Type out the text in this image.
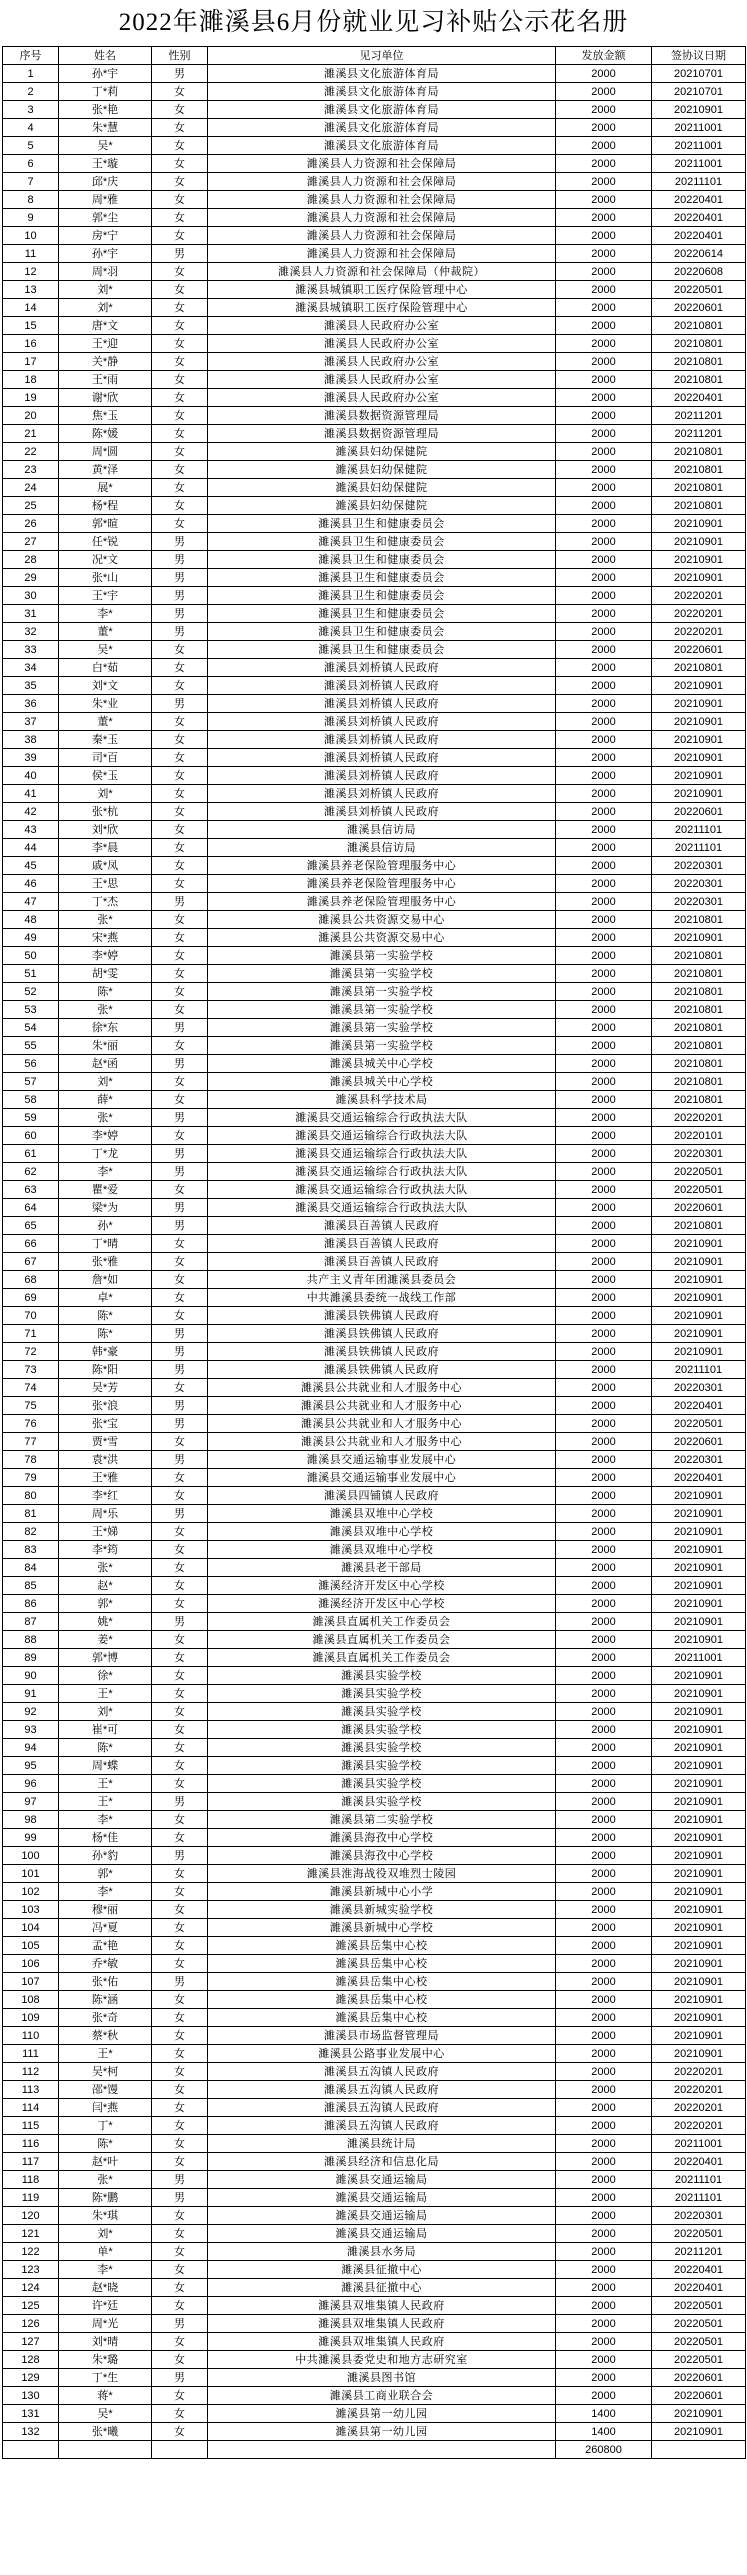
2022年濉溪县6月份就业见习补贴公示花名册
序号	姓名	性别	见习单位	发放金额	签协议日期
1	孙*宇	男	濉溪县文化旅游体育局	2000	20210701
2	丁*莉	女	濉溪县文化旅游体育局	2000	20210701
3	张*艳	女	濉溪县文化旅游体育局	2000	20210901
4	朱*慧	女	濉溪县文化旅游体育局	2000	20211001
5	吴*	女	濉溪县文化旅游体育局	2000	20211001
6	王*璇	女	濉溪县人力资源和社会保障局	2000	20211001
7	邱*庆	女	濉溪县人力资源和社会保障局	2000	20211101
8	周*雅	女	濉溪县人力资源和社会保障局	2000	20220401
9	郭*尘	女	濉溪县人力资源和社会保障局	2000	20220401
10	房*宁	女	濉溪县人力资源和社会保障局	2000	20220401
11	孙*宇	男	濉溪县人力资源和社会保障局	2000	20220614
12	周*羽	女	濉溪县人力资源和社会保障局（仲裁院）	2000	20220608
13	刘*	女	濉溪县城镇职工医疗保险管理中心	2000	20220501
14	刘*	女	濉溪县城镇职工医疗保险管理中心	2000	20220601
15	唐*文	女	濉溪县人民政府办公室	2000	20210801
16	王*迎	女	濉溪县人民政府办公室	2000	20210801
17	关*静	女	濉溪县人民政府办公室	2000	20210801
18	王*雨	女	濉溪县人民政府办公室	2000	20210801
19	谢*欣	女	濉溪县人民政府办公室	2000	20220401
20	焦*玉	女	濉溪县数据资源管理局	2000	20211201
21	陈*媛	女	濉溪县数据资源管理局	2000	20211201
22	周*圆	女	濉溪县妇幼保健院	2000	20210801
23	黄*泽	女	濉溪县妇幼保健院	2000	20210801
24	展*	女	濉溪县妇幼保健院	2000	20210801
25	杨*程	女	濉溪县妇幼保健院	2000	20210801
26	郭*暄	女	濉溪县卫生和健康委员会	2000	20210901
27	任*锐	男	濉溪县卫生和健康委员会	2000	20210901
28	况*文	男	濉溪县卫生和健康委员会	2000	20210901
29	张*山	男	濉溪县卫生和健康委员会	2000	20210901
30	王*宇	男	濉溪县卫生和健康委员会	2000	20220201
31	李*	男	濉溪县卫生和健康委员会	2000	20220201
32	董*	男	濉溪县卫生和健康委员会	2000	20220201
33	吴*	女	濉溪县卫生和健康委员会	2000	20220601
34	白*茹	女	濉溪县刘桥镇人民政府	2000	20210801
35	刘*文	女	濉溪县刘桥镇人民政府	2000	20210901
36	朱*业	男	濉溪县刘桥镇人民政府	2000	20210901
37	董*	女	濉溪县刘桥镇人民政府	2000	20210901
38	秦*玉	女	濉溪县刘桥镇人民政府	2000	20210901
39	司*百	女	濉溪县刘桥镇人民政府	2000	20210901
40	侯*玉	女	濉溪县刘桥镇人民政府	2000	20210901
41	刘*	女	濉溪县刘桥镇人民政府	2000	20210901
42	张*杭	女	濉溪县刘桥镇人民政府	2000	20220601
43	刘*欣	女	濉溪县信访局	2000	20211101
44	李*晨	女	濉溪县信访局	2000	20211101
45	戚*凤	女	濉溪县养老保险管理服务中心	2000	20220301
46	王*思	女	濉溪县养老保险管理服务中心	2000	20220301
47	丁*杰	男	濉溪县养老保险管理服务中心	2000	20220301
48	张*	女	濉溪县公共资源交易中心	2000	20210801
49	宋*燕	女	濉溪县公共资源交易中心	2000	20210901
50	李*婷	女	濉溪县第一实验学校	2000	20210801
51	胡*雯	女	濉溪县第一实验学校	2000	20210801
52	陈*	女	濉溪县第一实验学校	2000	20210801
53	张*	女	濉溪县第一实验学校	2000	20210801
54	徐*东	男	濉溪县第一实验学校	2000	20210801
55	朱*丽	女	濉溪县第一实验学校	2000	20210801
56	赵*函	男	濉溪县城关中心学校	2000	20210801
57	刘*	女	濉溪县城关中心学校	2000	20210801
58	薛*	女	濉溪县科学技术局	2000	20210801
59	张*	男	濉溪县交通运输综合行政执法大队	2000	20220201
60	李*婷	女	濉溪县交通运输综合行政执法大队	2000	20220101
61	丁*龙	男	濉溪县交通运输综合行政执法大队	2000	20220301
62	李*	男	濉溪县交通运输综合行政执法大队	2000	20220501
63	瞿*爱	女	濉溪县交通运输综合行政执法大队	2000	20220501
64	梁*为	男	濉溪县交通运输综合行政执法大队	2000	20220601
65	孙*	男	濉溪县百善镇人民政府	2000	20210801
66	丁*晴	女	濉溪县百善镇人民政府	2000	20210901
67	张*雅	女	濉溪县百善镇人民政府	2000	20210901
68	詹*如	女	共产主义青年团濉溪县委员会	2000	20210901
69	卓*	女	中共濉溪县委统一战线工作部	2000	20210901
70	陈*	女	濉溪县铁佛镇人民政府	2000	20210901
71	陈*	男	濉溪县铁佛镇人民政府	2000	20210901
72	韩*豪	男	濉溪县铁佛镇人民政府	2000	20210901
73	陈*阳	男	濉溪县铁佛镇人民政府	2000	20211101
74	吴*芳	女	濉溪县公共就业和人才服务中心	2000	20220301
75	张*浪	男	濉溪县公共就业和人才服务中心	2000	20220401
76	张*宝	男	濉溪县公共就业和人才服务中心	2000	20220501
77	贾*雪	女	濉溪县公共就业和人才服务中心	2000	20220601
78	袁*洪	男	濉溪县交通运输事业发展中心	2000	20220301
79	王*雅	女	濉溪县交通运输事业发展中心	2000	20220401
80	李*红	女	濉溪县四铺镇人民政府	2000	20210901
81	周*乐	男	濉溪县双堆中心学校	2000	20210901
82	王*娣	女	濉溪县双堆中心学校	2000	20210901
83	李*筠	女	濉溪县双堆中心学校	2000	20210901
84	张*	女	濉溪县老干部局	2000	20210901
85	赵*	女	濉溪经济开发区中心学校	2000	20210901
86	郭*	女	濉溪经济开发区中心学校	2000	20210901
87	姚*	男	濉溪县直属机关工作委员会	2000	20210901
88	姜*	女	濉溪县直属机关工作委员会	2000	20210901
89	郭*博	女	濉溪县直属机关工作委员会	2000	20211001
90	徐*	女	濉溪县实验学校	2000	20210901
91	王*	女	濉溪县实验学校	2000	20210901
92	刘*	女	濉溪县实验学校	2000	20210901
93	崔*可	女	濉溪县实验学校	2000	20210901
94	陈*	女	濉溪县实验学校	2000	20210901
95	周*蝶	女	濉溪县实验学校	2000	20210901
96	王*	女	濉溪县实验学校	2000	20210901
97	王*	男	濉溪县实验学校	2000	20210901
98	李*	女	濉溪县第二实验学校	2000	20210901
99	杨*佳	女	濉溪县海孜中心学校	2000	20210901
100	孙*豹	男	濉溪县海孜中心学校	2000	20210901
101	郭*	女	濉溪县淮海战役双堆烈士陵园	2000	20210901
102	李*	女	濉溪县新城中心小学	2000	20210901
103	穆*丽	女	濉溪县新城实验学校	2000	20210901
104	冯*夏	女	濉溪县新城中心学校	2000	20210901
105	孟*艳	女	濉溪县岳集中心校	2000	20210901
106	乔*敏	女	濉溪县岳集中心校	2000	20210901
107	张*佑	男	濉溪县岳集中心校	2000	20210901
108	陈*涵	女	濉溪县岳集中心校	2000	20210901
109	张*奇	女	濉溪县岳集中心校	2000	20210901
110	蔡*秋	女	濉溪县市场监督管理局	2000	20210901
111	王*	女	濉溪县公路事业发展中心	2000	20210901
112	吴*柯	女	濉溪县五沟镇人民政府	2000	20220201
113	邵*馒	女	濉溪县五沟镇人民政府	2000	20220201
114	闫*燕	女	濉溪县五沟镇人民政府	2000	20220201
115	丁*	女	濉溪县五沟镇人民政府	2000	20220201
116	陈*	女	濉溪县统计局	2000	20211001
117	赵*叶	女	濉溪县经济和信息化局	2000	20220401
118	张*	男	濉溪县交通运输局	2000	20211101
119	陈*鹏	男	濉溪县交通运输局	2000	20211101
120	朱*琪	女	濉溪县交通运输局	2000	20220301
121	刘*	女	濉溪县交通运输局	2000	20220501
122	单*	女	濉溪县水务局	2000	20211201
123	李*	女	濉溪县征撤中心	2000	20220401
124	赵*晓	女	濉溪县征撤中心	2000	20220401
125	许*廷	女	濉溪县双堆集镇人民政府	2000	20220501
126	周*光	男	濉溪县双堆集镇人民政府	2000	20220501
127	刘*晴	女	濉溪县双堆集镇人民政府	2000	20220501
128	朱*璐	女	中共濉溪县委党史和地方志研究室	2000	20220501
129	丁*生	男	濉溪县图书馆	2000	20220601
130	蒋*	女	濉溪县工商业联合会	2000	20220601
131	吴*	女	濉溪县第一幼儿园	1400	20210901
132	张*曦	女	濉溪县第一幼儿园	1400	20210901
				260800	
